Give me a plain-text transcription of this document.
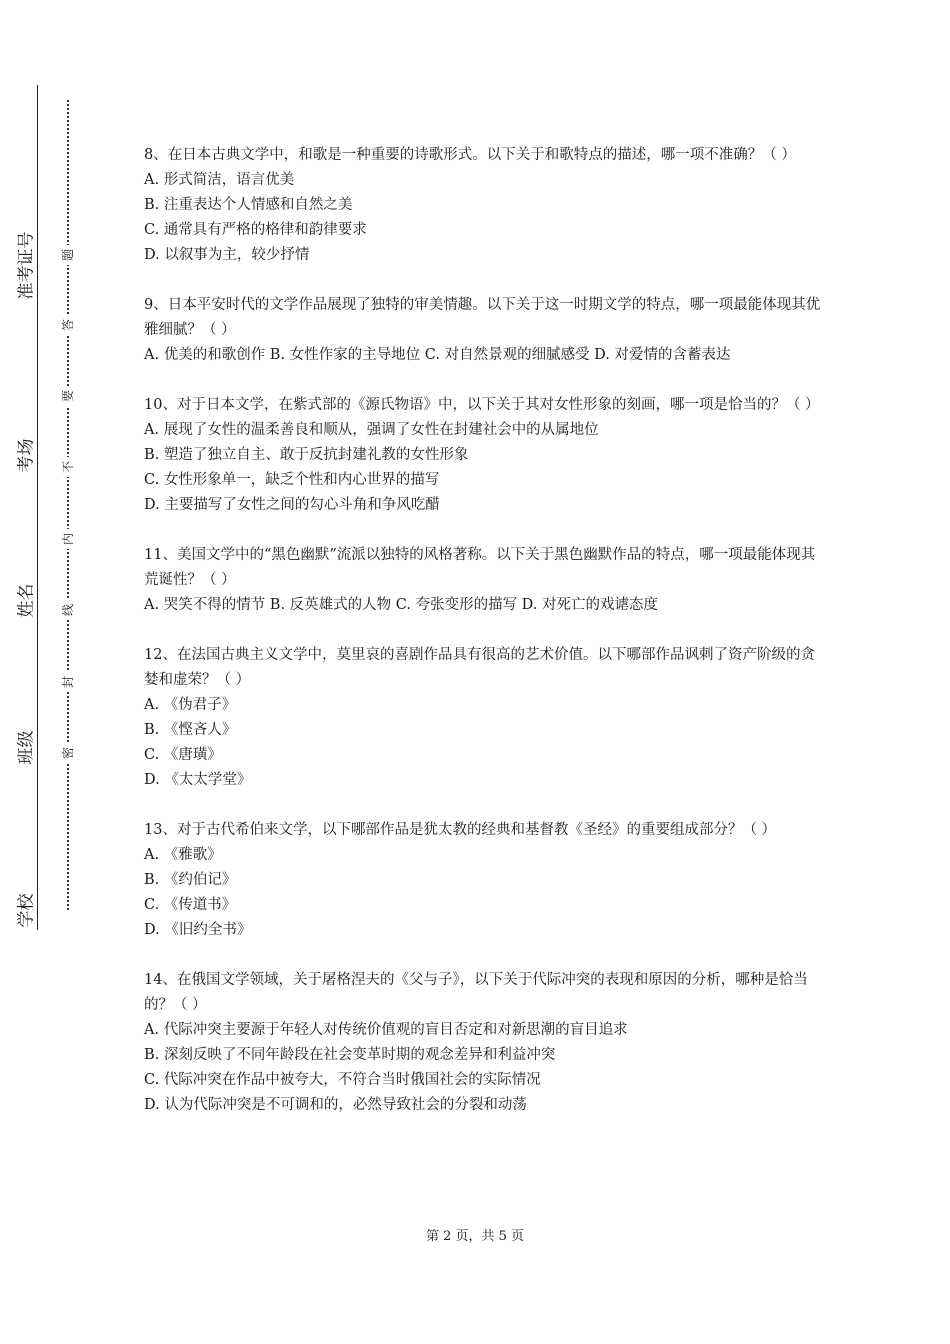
准考证号
考场
姓名
班级
学校
题
答
要
不
内
线
封
密

8、在日本古典文学中，和歌是一种重要的诗歌形式。以下关于和歌特点的描述，哪一项不准确？（ ）

A. 形式简洁，语言优美

B. 注重表达个人情感和自然之美

C. 通常具有严格的格律和韵律要求

D. 以叙事为主，较少抒情

9、日本平安时代的文学作品展现了独特的审美情趣。以下关于这一时期文学的特点，哪一项最能体现其优雅细腻？（ ）

A. 优美的和歌创作 B. 女性作家的主导地位 C. 对自然景观的细腻感受 D. 对爱情的含蓄表达

10、对于日本文学，在紫式部的《源氏物语》中，以下关于其对女性形象的刻画，哪一项是恰当的？（ ）

A. 展现了女性的温柔善良和顺从，强调了女性在封建社会中的从属地位

B. 塑造了独立自主、敢于反抗封建礼教的女性形象

C. 女性形象单一，缺乏个性和内心世界的描写

D. 主要描写了女性之间的勾心斗角和争风吃醋

11、美国文学中的“黑色幽默”流派以独特的风格著称。以下关于黑色幽默作品的特点，哪一项最能体现其荒诞性？（ ）

A. 哭笑不得的情节 B. 反英雄式的人物 C. 夸张变形的描写 D. 对死亡的戏谑态度

12、在法国古典主义文学中，莫里哀的喜剧作品具有很高的艺术价值。以下哪部作品讽刺了资产阶级的贪婪和虚荣？（ ）

A. 《伪君子》

B. 《悭吝人》

C. 《唐璜》

D. 《太太学堂》

13、对于古代希伯来文学，以下哪部作品是犹太教的经典和基督教《圣经》的重要组成部分？（ ）

A. 《雅歌》

B. 《约伯记》

C. 《传道书》

D. 《旧约全书》

14、在俄国文学领域，关于屠格涅夫的《父与子》，以下关于代际冲突的表现和原因的分析，哪种是恰当的？（ ）

A. 代际冲突主要源于年轻人对传统价值观的盲目否定和对新思潮的盲目追求

B. 深刻反映了不同年龄段在社会变革时期的观念差异和利益冲突

C. 代际冲突在作品中被夸大，不符合当时俄国社会的实际情况

D. 认为代际冲突是不可调和的，必然导致社会的分裂和动荡

第 2 页，共 5 页
